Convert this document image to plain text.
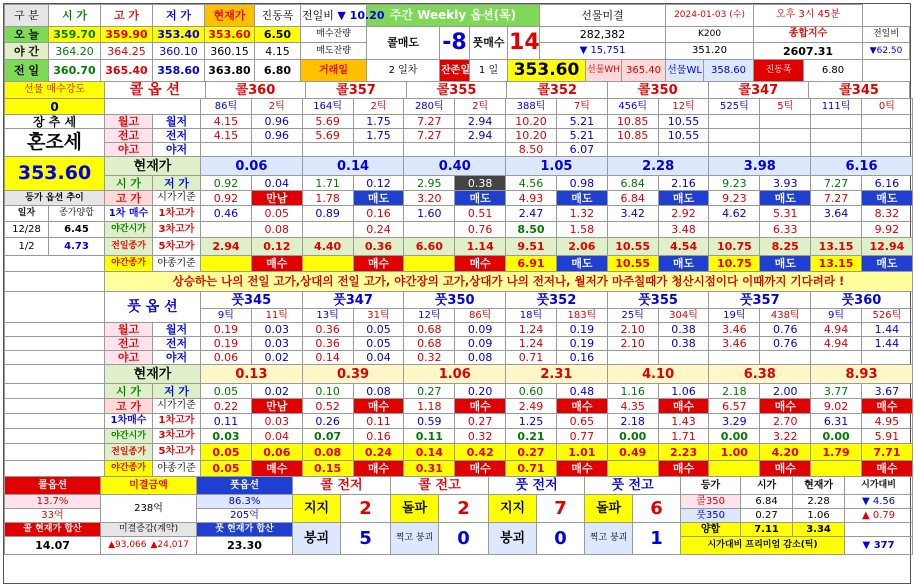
구 분	시 가	고 가	저 가	현재가	진동폭	전일비 ▼ 10.20	주간 Weekly 옵션(목)				선물미결			2024-01-03 (수)		오후 3시 45분		
오 늘	359.70	359.90	353.40	353.60	6.50	매수잔량	콜매도	-8	풋매수	14	282,382			K200		종합지수		전일비
야 간	364.20	364.25	360.10	360.15	4.15	매도잔량					▼ 15,751			351.20		2607.31		▼62.50
전 일	360.70	365.40	358.60	363.80	6.80	거래일	2 일차	잔존일	1 일	353.60		선물WH	365.40	선물WL	358.60	진동폭	6.80	
선물 매수강도	콜 옵 션	콜360	콜357	콜355	콜352	콜350	콜347	콜345
0				86틱	2틱	164틱	2틱	280틱	2틱	388틱	7틱	456틱	12틱	525틱	5틱	111틱	0틱
장 추 세		월고	월저	4.15	0.96	5.69	1.75	7.27	2.94	10.20	5.21	10.85	10.55				
혼조세		전고	전저	4.15	0.96	5.69	1.75	7.27	2.94	10.20	5.21	10.85	10.55				
		야고	야저							8.50	6.07						
353.60		현재가		0.06		0.14		0.40		1.05		2.28		3.98		6.16	
		시 가	저 가	0.92	0.04	1.71	0.12	2.95	0.38	4.56	0.98	6.84	2.16	9.23	3.93	7.27	6.16
등가 옵션 추이		고 가	시가기준	0.92	만남	1.78	매도	3.20	매도	4.93	매도	6.84	매도	9.23	매도	7.27	매도
일자	종가양합	1차 매수	1차고가	0.46	0.05	0.89	0.16	1.60	0.51	2.47	1.32	3.42	2.92	4.62	5.31	3.64	8.32
12/28	6.45	야간시가	3차고가		0.08		0.24		0.76	8.50	1.58		3.48		6.33		9.92
1/2	4.73	전일종가	5차고가	2.94	0.12	4.40	0.36	6.60	1.14	9.51	2.06	10.55	4.54	10.75	8.25	13.15	12.94
		야간종가	야종기준		매수		매수		매수	6.91	매도	10.55	매도	10.75	매도	13.15	매도
		상승하는 나의 전일 고가,상대의 전일 고가, 야간장의 고가,상대가 나의 전저나, 월저가 마주칠때가 청산시점이다 이때까지 기다려라 !															
		풋 옵 션		풋345		풋347		풋350		풋352		풋355		풋357		풋360	
				9틱	11틱	13틱	31틱	12틱	86틱	18틱	183틱	25틱	304틱	19틱	438틱	9틱	526틱
		월고	월저	0.19	0.03	0.36	0.05	0.68	0.09	1.24	0.19	2.10	0.38	3.46	0.76	4.94	1.44
		전고	전저	0.19	0.03	0.36	0.05	0.68	0.09	1.24	0.19	2.10	0.38	3.46	0.76	4.94	1.44
		야고	야저	0.06	0.02	0.14	0.04	0.32	0.08	0.71	0.16						
		현재가		0.13		0.39		1.06		2.31		4.10		6.38		8.93	
		시 가	저 가	0.05	0.02	0.10	0.08	0.27	0.20	0.60	0.48	1.16	1.06	2.18	2.00	3.77	3.67
		고 가	시가기준	0.22	만남	0.52	매수	1.18	매수	2.49	매수	4.35	매수	6.57	매수	9.02	매수
		1차매수	1차고가	0.11	0.03	0.26	0.11	0.59	0.27	1.25	0.65	2.18	1.43	3.29	2.70	6.31	4.95
		야간시가	3차고가	0.03	0.04	0.07	0.16	0.11	0.32	0.21	0.77	0.00	1.71	0.00	3.22	0.00	5.91
		전일종가	5차고가	0.05	0.06	0.08	0.24	0.14	0.42	0.27	1.01	0.49	2.23	1.00	4.20	1.79	7.71
		야간종가	야종기준	0.05	매수	0.15	매수	0.31	매수	0.71	매수		매수		매수		매수
콜옵션	미결금액	풋옵션	콜 전저		콜 전고		풋 전저		풋 전고		등가	시가	현재가	시가대비
13.7%	238억	86.3%	지지	2	돌파	2	지지	7	돌파	6	콜350	6.84	2.28	▼ 4.56
33억		205억									풋350	0.27	1.06	▲ 0.79
콜 현재가 합산	미결증감(계약)	풋 현재가 합산	붕괴	5	찍고 붕괴	0	붕괴	0	찍고 붕괴	1	양합	7.11	3.34	
14.07	▲93,066 ▲24,017	23.30									시가대비 프리미엄 감소(틱)			▼ 377
